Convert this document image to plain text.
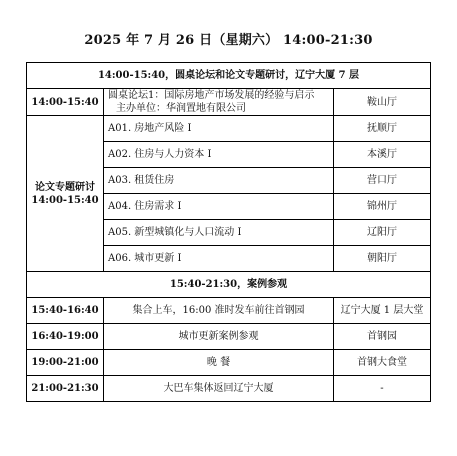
2025 年 7 月 26 日（星期六） 14:00-21:30
14:00-15:40，圆桌论坛和论文专题研讨，辽宁大厦 7 层		
14:00-15:40	圆桌论坛1：国际房地产市场发展的经验与启示
主办单位：华润置地有限公司	鞍山厅

论文专题研讨
14:00-15:40	A01. 房地产风险 I	抚顺厅
	A02. 住房与人力资本 I	本溪厅
	A03. 租赁住房	营口厅
	A04. 住房需求 I	锦州厅
	A05. 新型城镇化与人口流动 I	辽阳厅
	A06. 城市更新 I	朝阳厅
15:40-21:30，案例参观		
15:40-16:40	集合上车，16:00 准时发车前往首钢园	辽宁大厦 1 层大堂
16:40-19:00	城市更新案例参观	首钢园
19:00-21:00	晚 餐	首钢大食堂
21:00-21:30	大巴车集体返回辽宁大厦	-
